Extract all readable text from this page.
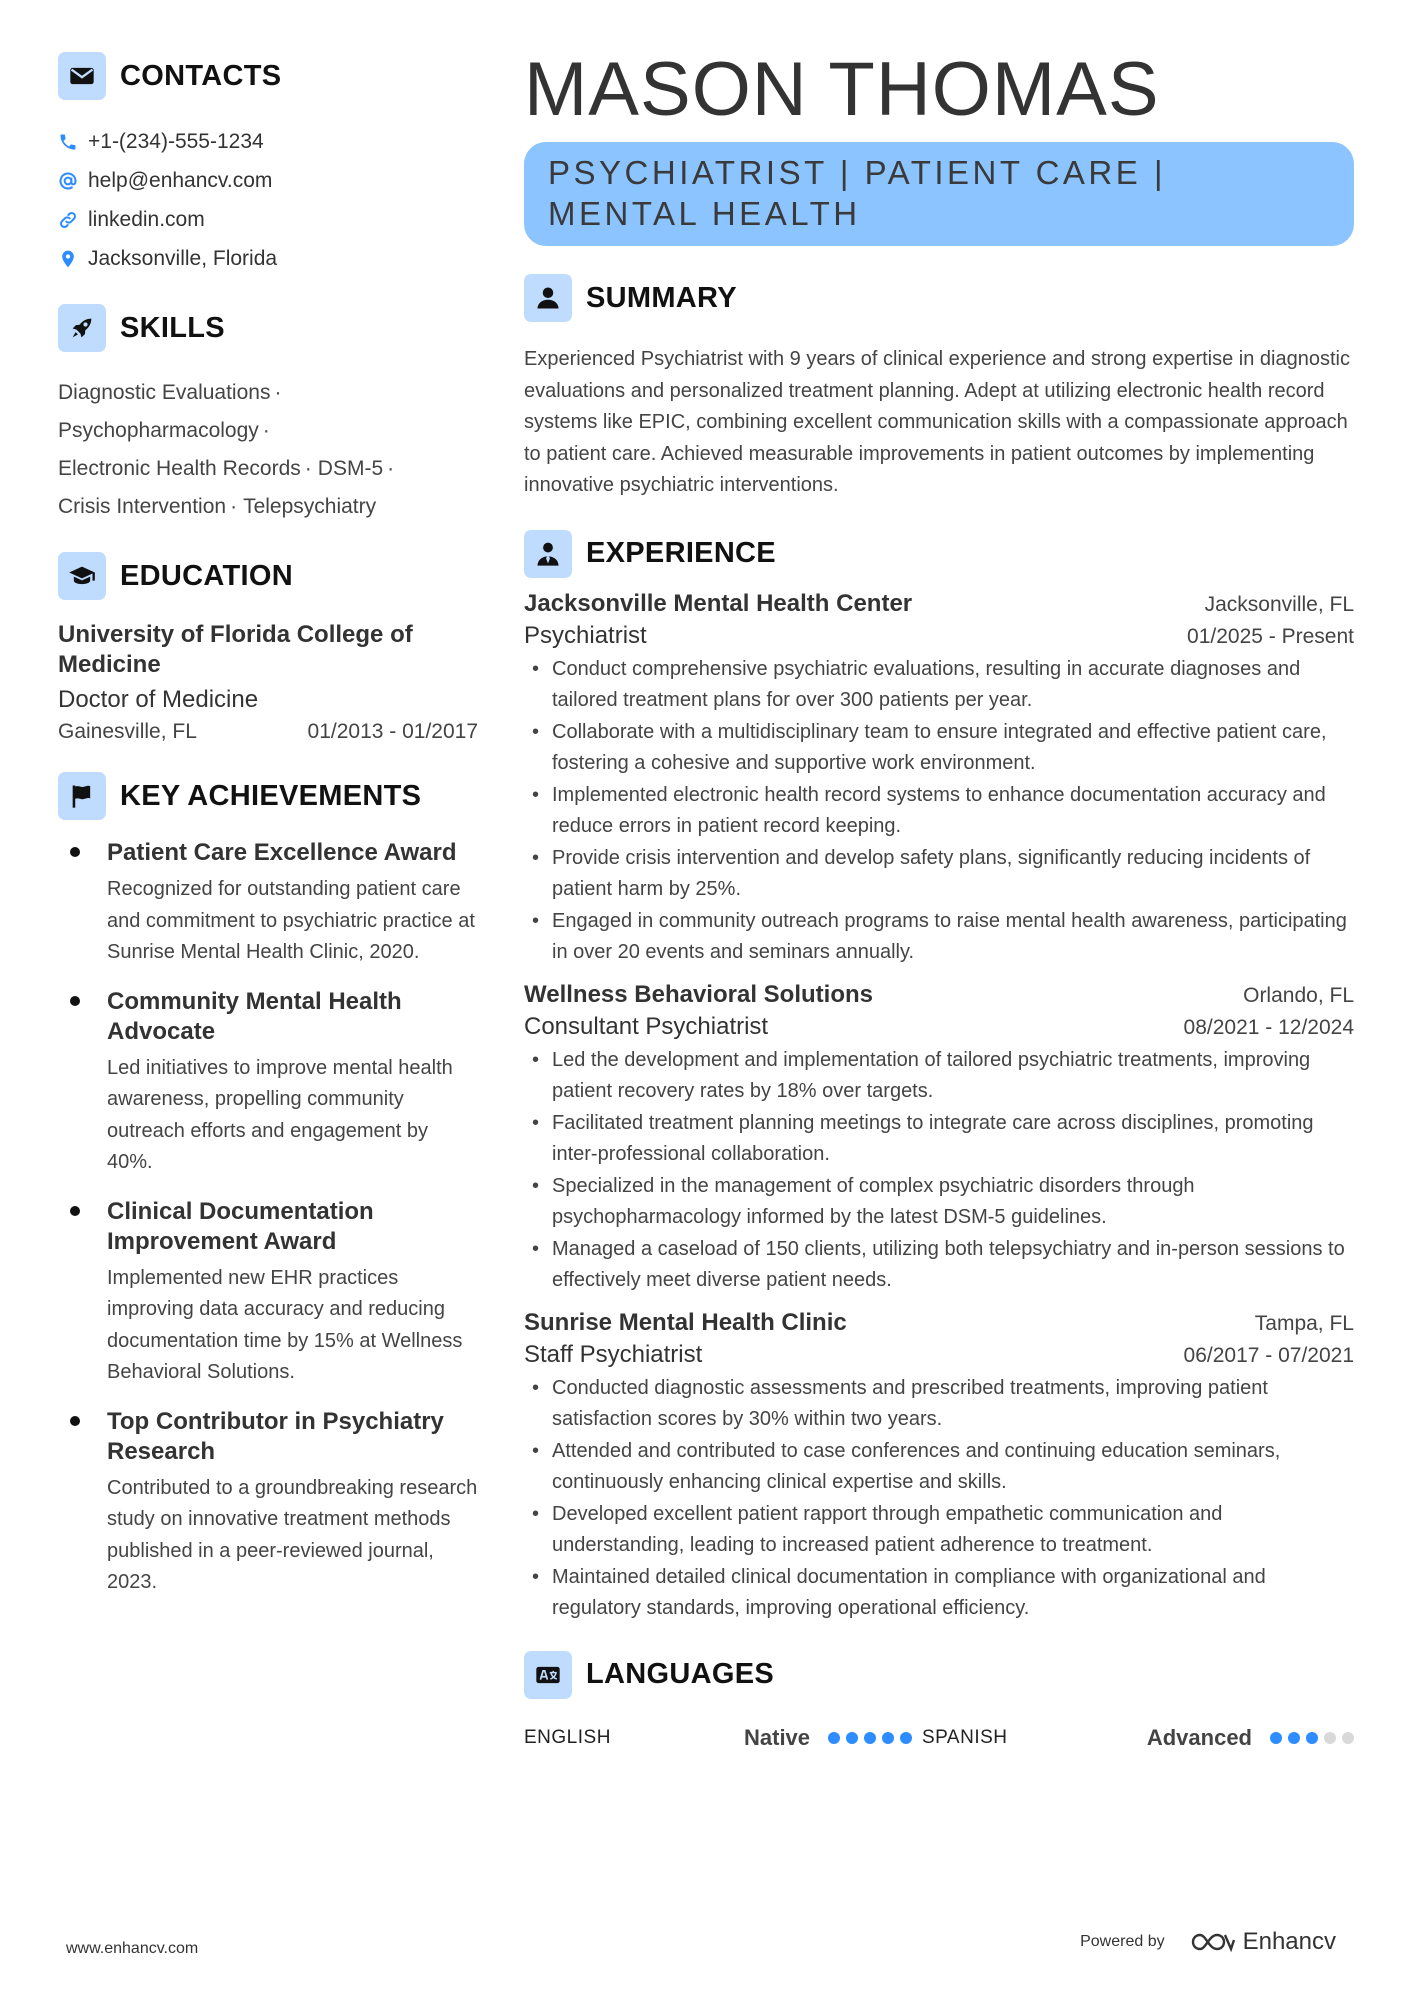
CONTACTS
+1-(234)-555-1234
help@enhancv.com
linkedin.com
Jacksonville, Florida
SKILLS
Diagnostic Evaluations ·
Psychopharmacology ·
Electronic Health Records · DSM-5 ·
Crisis Intervention · Telepsychiatry
EDUCATION
University of Florida College of Medicine
Doctor of Medicine
Gainesville, FL	01/2013 - 01/2017
KEY ACHIEVEMENTS
Patient Care Excellence Award
Recognized for outstanding patient care and commitment to psychiatric practice at Sunrise Mental Health Clinic, 2020.
Community Mental Health Advocate
Led initiatives to improve mental health awareness, propelling community outreach efforts and engagement by 40%.
Clinical Documentation Improvement Award
Implemented new EHR practices improving data accuracy and reducing documentation time by 15% at Wellness Behavioral Solutions.
Top Contributor in Psychiatry Research
Contributed to a groundbreaking research study on innovative treatment methods published in a peer-reviewed journal, 2023.
MASON THOMAS
PSYCHIATRIST | PATIENT CARE | MENTAL HEALTH
SUMMARY

Experienced Psychiatrist with 9 years of clinical experience and strong expertise in diagnostic evaluations and personalized treatment planning. Adept at utilizing electronic health record systems like EPIC, combining excellent communication skills with a compassionate approach to patient care. Achieved measurable improvements in patient outcomes by implementing innovative psychiatric interventions.

EXPERIENCE
Jacksonville Mental Health Center	Jacksonville, FL
Psychiatrist	01/2025 - Present
• Conduct comprehensive psychiatric evaluations, resulting in accurate diagnoses and tailored treatment plans for over 300 patients per year.
• Collaborate with a multidisciplinary team to ensure integrated and effective patient care, fostering a cohesive and supportive work environment.
• Implemented electronic health record systems to enhance documentation accuracy and reduce errors in patient record keeping.
• Provide crisis intervention and develop safety plans, significantly reducing incidents of patient harm by 25%.
• Engaged in community outreach programs to raise mental health awareness, participating in over 20 events and seminars annually.
Wellness Behavioral Solutions	Orlando, FL
Consultant Psychiatrist	08/2021 - 12/2024
• Led the development and implementation of tailored psychiatric treatments, improving patient recovery rates by 18% over targets.
• Facilitated treatment planning meetings to integrate care across disciplines, promoting inter-professional collaboration.
• Specialized in the management of complex psychiatric disorders through psychopharmacology informed by the latest DSM-5 guidelines.
• Managed a caseload of 150 clients, utilizing both telepsychiatry and in-person sessions to effectively meet diverse patient needs.
Sunrise Mental Health Clinic	Tampa, FL
Staff Psychiatrist	06/2017 - 07/2021
• Conducted diagnostic assessments and prescribed treatments, improving patient satisfaction scores by 30% within two years.
• Attended and contributed to case conferences and continuing education seminars, continuously enhancing clinical expertise and skills.
• Developed excellent patient rapport through empathetic communication and understanding, leading to increased patient adherence to treatment.
• Maintained detailed clinical documentation in compliance with organizational and regulatory standards, improving operational efficiency.
LANGUAGES
ENGLISH	Native	SPANISH	Advanced
www.enhancv.com	Powered by	Enhancv
